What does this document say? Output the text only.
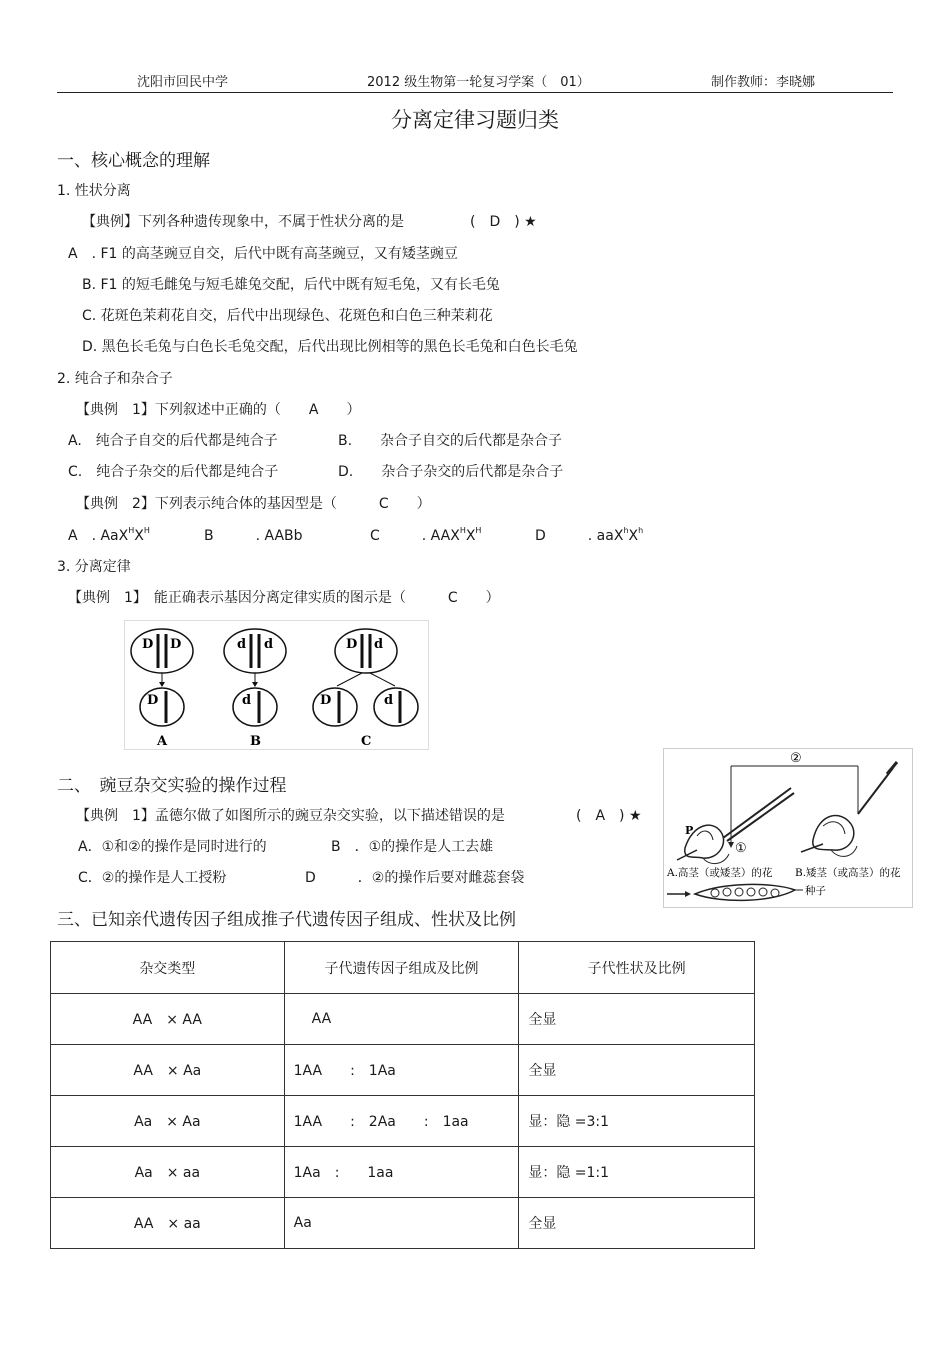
沈阳市回民中学	2012 级生物第一轮复习学案（　01）	制作教师：李晓娜
分离定律习题归类
一、核心概念的理解
1. 性状分离
【典例】下列各种遗传现象中，不属于性状分离的是	(　D　) ★
A　. F1 的高茎豌豆自交，后代中既有高茎豌豆，又有矮茎豌豆
B. F1 的短毛雌兔与短毛雄兔交配，后代中既有短毛兔，又有长毛兔
C. 花斑色茉莉花自交，后代中出现绿色、花斑色和白色三种茉莉花
D. 黑色长毛兔与白色长毛兔交配，后代出现比例相等的黑色长毛兔和白色长毛兔
2. 纯合子和杂合子
【典例　1】下列叙述中正确的（　　A　　）
A.　纯合子自交的后代都是纯合子	B.　　杂合子自交的后代都是杂合子
C.　纯合子杂交的后代都是纯合子	D.　　杂合子杂交的后代都是杂合子
【典例　2】下列表示纯合体的基因型是（　　　C　　）
A　. $AaX^HX^H$	B　　　. AABb	C　　　. $AAX^HX^H$	D　　　. $aaX^hX^h$
3. 分离定律
【典例　1】　能正确表示基因分离定律实质的图示是（　　　C　　）
D D
D
A
d d
d
B
D d
D	d
C
二、　豌豆杂交实验的操作过程
【典例　1】孟德尔做了如图所示的豌豆杂交实验，以下描述错误的是	(　A　) ★
A．①和②的操作是同时进行的	B　．①的操作是人工去雄
C．②的操作是人工授粉	D　　　．②的操作后要对雌蕊套袋
②
P
①
A.高茎（或矮茎）的花 B.矮茎（或高茎）的花
种子
三、已知亲代遗传因子组成推子代遗传因子组成、性状及比例
杂交类型	子代遗传因子组成及比例	子代性状及比例
AA　× AA	AA	全显
AA　× Aa	1AA　　:　1Aa	全显
Aa　× Aa	1AA　　:　2Aa　　:　1aa	显：隐 =3:1
Aa　× aa	1Aa　:　　1aa	显：隐 =1:1
AA　× aa	Aa	全显
